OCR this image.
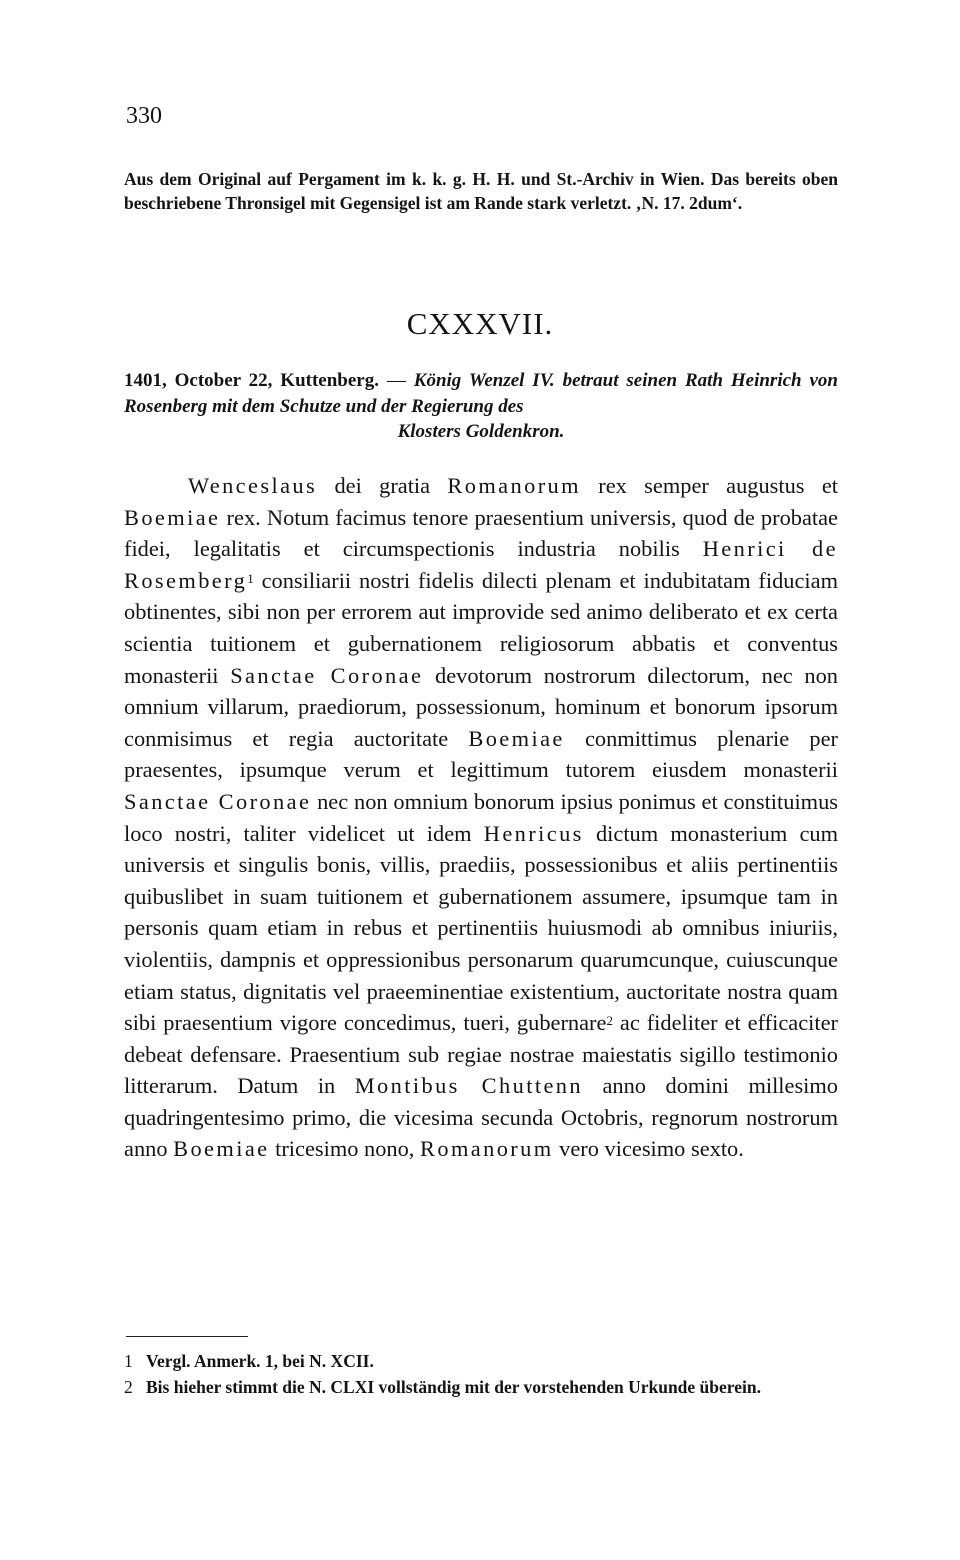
330
Aus dem Original auf Pergament im k. k. g. H. H. und St.-Archiv in Wien. Das bereits oben beschriebene Thronsigel mit Gegensigel ist am Rande stark verletzt. ‚N. 17. 2dum‘.
CXXXVII.
1401, October 22, Kuttenberg. — König Wenzel IV. betraut seinen Rath Heinrich von Rosenberg mit dem Schutze und der Regierung des
Klosters Goldenkron.
Wenceslaus dei gratia Romanorum rex semper augustus et Boemiae rex. Notum facimus tenore praesentium universis, quod de probatae fidei, legalitatis et circumspectionis industria nobilis Henrici de Rosemberg$^1$ consiliarii nostri fidelis dilecti plenam et indubitatam fiduciam obtinentes, sibi non per errorem aut improvide sed animo deliberato et ex certa scientia tuitionem et gubernationem religiosorum abbatis et conventus monasterii Sanctae Coronae devotorum nostrorum dilectorum, nec non omnium villarum, praediorum, possessionum, hominum et bonorum ipsorum conmisimus et regia auctoritate Boemiae conmittimus plenarie per praesentes, ipsumque verum et legittimum tutorem eiusdem monasterii Sanctae Coronae nec non omnium bonorum ipsius ponimus et constituimus loco nostri, taliter videlicet ut idem Henricus dictum monasterium cum universis et singulis bonis, villis, praediis, possessionibus et aliis pertinentiis quibuslibet in suam tuitionem et gubernationem assumere, ipsumque tam in personis quam etiam in rebus et pertinentiis huiusmodi ab omnibus iniuriis, violentiis, dampnis et oppressionibus personarum quarumcunque, cuiuscunque etiam status, dignitatis vel praeeminentiae existentium, auctoritate nostra quam sibi praesentium vigore concedimus, tueri, gubernare$^2$ ac fideliter et efficaciter debeat defensare. Praesentium sub regiae nostrae maiestatis sigillo testimonio litterarum. Datum in Montibus Chuttenn anno domini millesimo quadringentesimo primo, die vicesima secunda Octobris, regnorum nostrorum anno Boemiae tricesimo nono, Romanorum vero vicesimo sexto.
1 Vergl. Anmerk. 1, bei N. XCII.
2 Bis hieher stimmt die N. CLXI vollständig mit der vorstehenden Urkunde überein.
